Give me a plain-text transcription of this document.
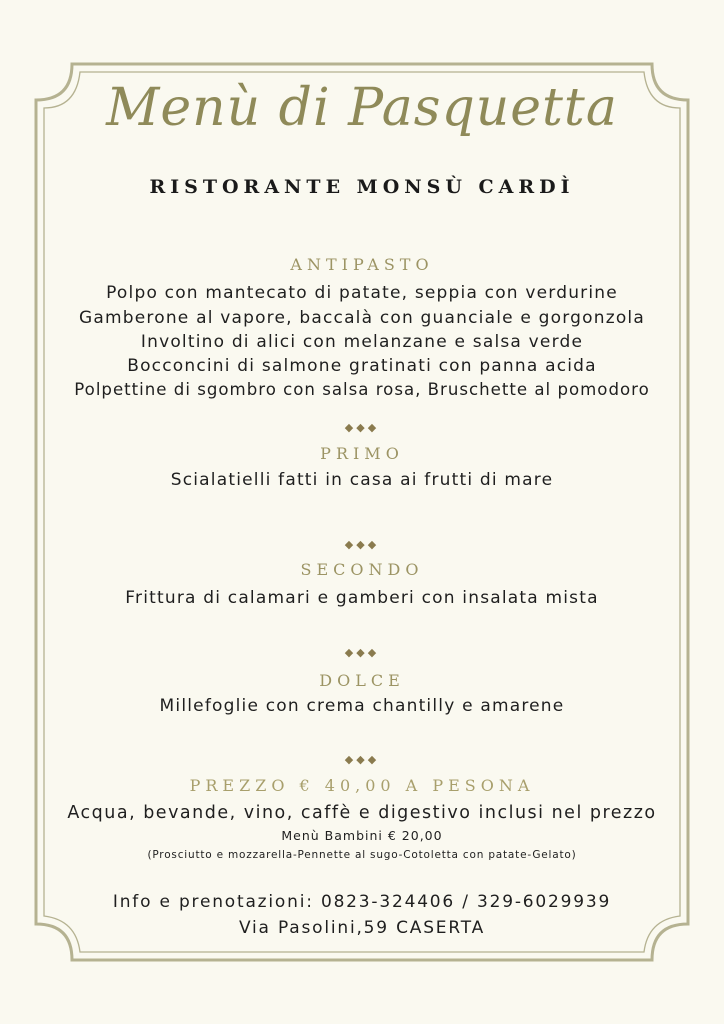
Menù di Pasquetta
RISTORANTE MONSÙ CARDÌ
ANTIPASTO
Polpo con mantecato di patate, seppia con verdurine
Gamberone al vapore, baccalà con guanciale e gorgonzola
Involtino di alici con melanzane e salsa verde
Bocconcini di salmone gratinati con panna acida
Polpettine di sgombro con salsa rosa, Bruschette al pomodoro
◆◆◆
PRIMO
Scialatielli fatti in casa ai frutti di mare
◆◆◆
SECONDO
Frittura di calamari e gamberi con insalata mista
◆◆◆
DOLCE
Millefoglie con crema chantilly e amarene
◆◆◆
PREZZO € 40,00 A PESONA
Acqua, bevande, vino, caffè e digestivo inclusi nel prezzo
Menù Bambini € 20,00
(Prosciutto e mozzarella-Pennette al sugo-Cotoletta con patate-Gelato)
Info e prenotazioni: 0823-324406 / 329-6029939
Via Pasolini,59 CASERTA
